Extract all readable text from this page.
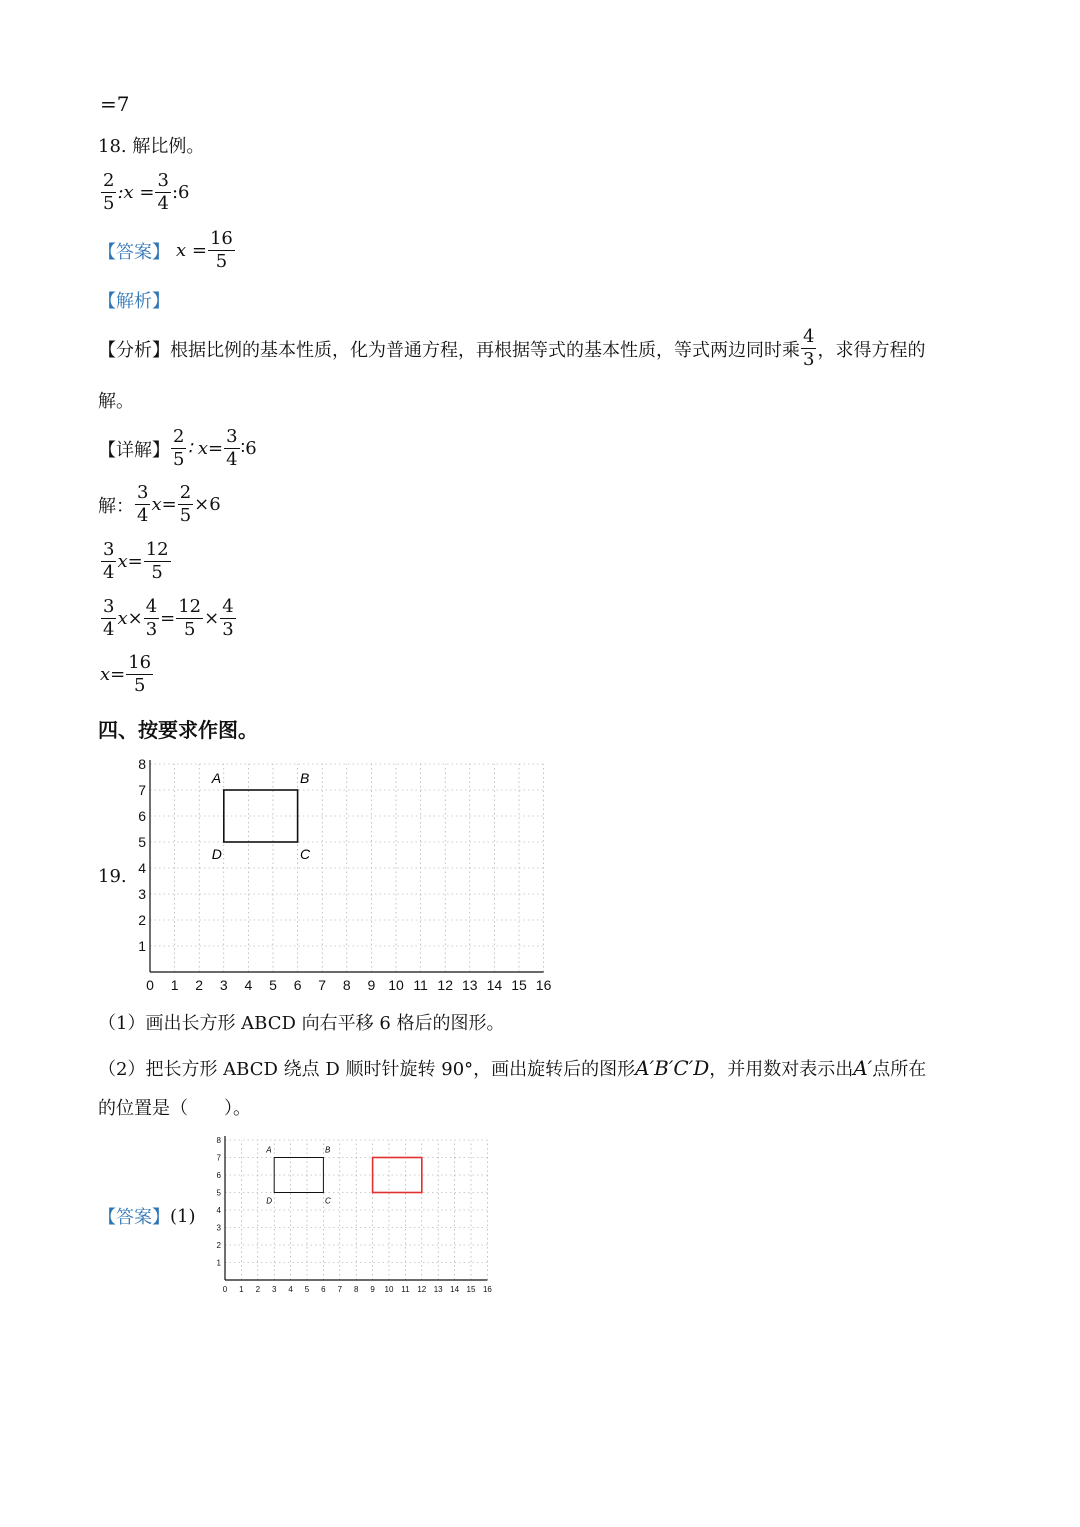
=7
18. 解比例。
$\frac{2}{5}$ :x = $\frac{3}{4}$ :6
【答案】 $x = \frac{16}{5}$
【解析】
【分析】 根据比例的基本性质，化为普通方程，再根据等式的基本性质，等式两边同时乘 $\frac{4}{3}$ ，求得方程的
解。
【详解】 $\frac{2}{5}$ ∶ $x= \frac{3}{4}$ ∶6
解： $\frac{3}{4} x= \frac{2}{5} \times 6$
$\frac{3}{4} x= \frac{12}{5}$
$\frac{3}{4} x\times \frac{4}{3} = \frac{12}{5} \times \frac{4}{3}$
$x= \frac{16}{5}$
四、按要求作图。
19.
0 1 2 3 4 5 6 7 8 9 10 11 12 13 14 15 16
1
2
3
4
5
6
7
8
A	B
C
D
（1）画出长方形 ABCD 向右平移 6 格后的图形。
（2）把长方形 ABCD 绕点 D 顺时针旋转 90°，画出旋转后的图形 A′B′C′D ，并用数对表示出 A′ 点所在
的位置是（　　）。
【答案】 (1)
0 1 2 3 4 5 6 7 8 9 10 11 12 13 14 15 16
1
2
3
4
5
6
7
8
A	B
C
D
